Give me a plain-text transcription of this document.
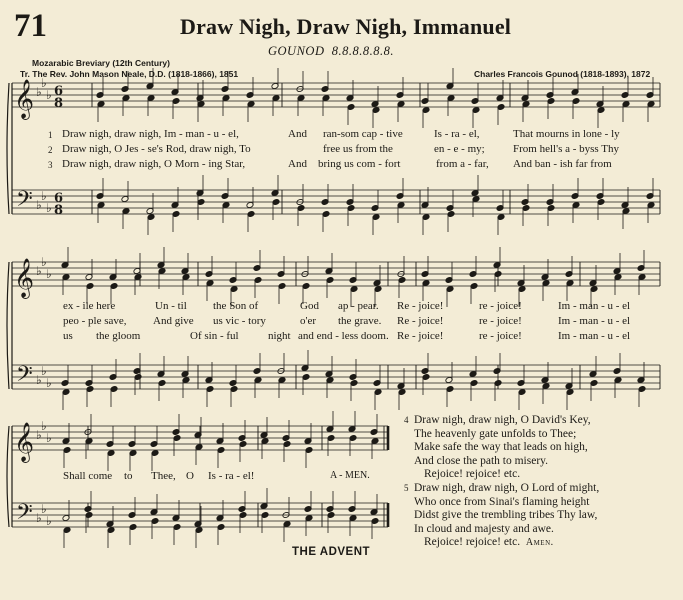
71	Draw Nigh, Draw Nigh, Immanuel
GOUNOD 8.8.8.8.8.8.
Mozarabic Breviary (12th Century)
Tr. The Rev. John Mason Neale, D.D. (1818-1866), 1851	Charles Francois Gounod (1818-1893), 1872
𝄞
𝄢
♭
♭
♭
♭
♭
♭
6
8
6
8
𝄞
𝄢
♭
♭
♭
♭
♭
♭
𝄞
𝄢
♭
♭
♭
♭
♭
♭
1
2
3
Draw nigh, draw nigh, Im - man - u - el,	And ran-som cap - tive	Is - ra - el,	That mourns in lone - ly
Draw nigh, O Jes - se's Rod, draw nigh, To	free us from the	en - e - my;	From hell's a - byss Thy
Draw nigh, draw nigh, O Morn - ing Star,	And bring us com - fort	from a - far, And ban - ish far from
ex - ile here	Un - til the Son of	God ap - pear. Re - joice!	re - joice!	Im - man - u - el
peo - ple save, And give us vic - tory	o'er the grave. Re - joice!	re - joice!	Im - man - u - el
us the gloom	Of sin - ful	night and end - less doom. Re - joice!	re - joice!	Im - man - u - el
Shall come to Thee, O Is - ra - el!	A - MEN.
4 Draw nigh, draw nigh, O David's Key,
The heavenly gate unfolds to Thee;
Make safe the way that leads on high,
And close the path to misery.
Rejoice! rejoice! etc.
5 Draw nigh, draw nigh, O Lord of might,
Who once from Sinai's flaming height
Didst give the trembling tribes Thy law,
In cloud and majesty and awe.
Rejoice! rejoice! etc. Amen.
THE ADVENT
